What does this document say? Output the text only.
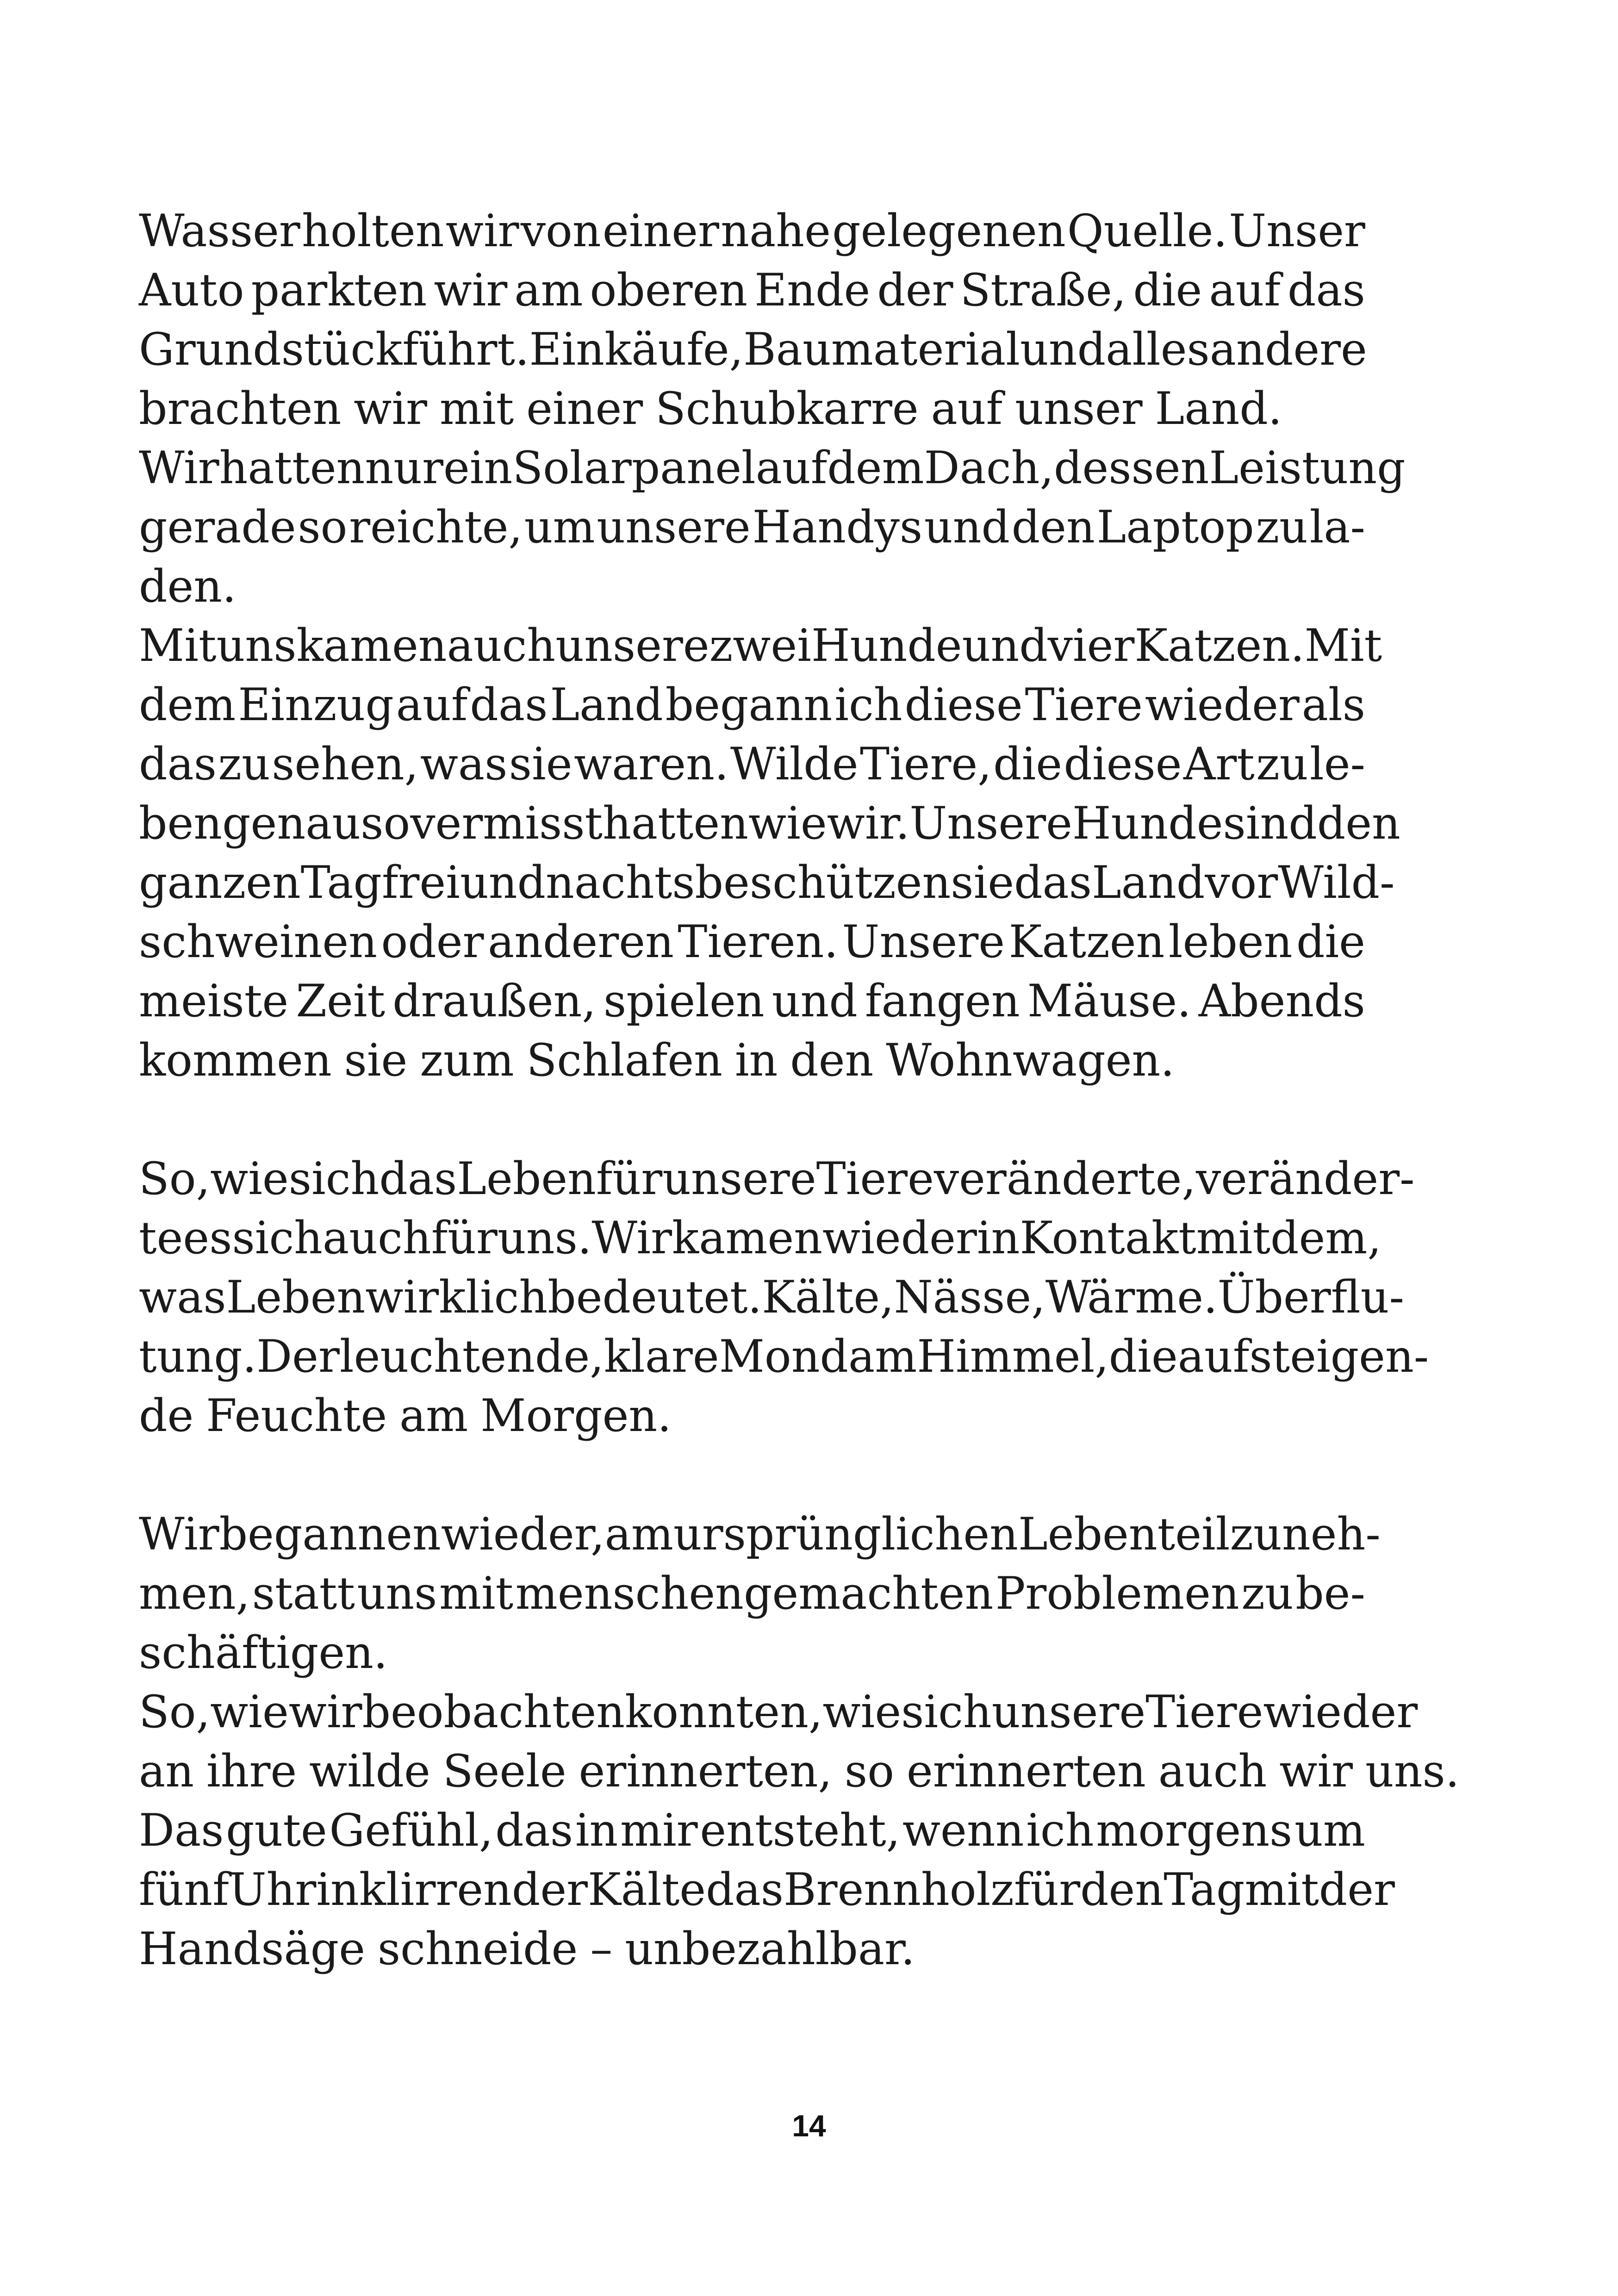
Wasser holten wir von einer nahe gelegenen Quelle. Unser
Auto parkten wir am oberen Ende der Straße, die auf das
Grundstück führt. Einkäufe, Baumaterial und alles andere
brachten wir mit einer Schubkarre auf unser Land.
Wir hatten nur ein Solarpanel auf dem Dach, dessen Leistung
gerade so reichte, um unsere Handys und den Laptop zu la-
den.
Mit uns kamen auch unsere zwei Hunde und vier Katzen. Mit
dem Einzug auf das Land begann ich diese Tiere wieder als
das zu sehen, was sie waren. Wilde Tiere, die diese Art zu le-
ben genauso vermisst hatten wie wir. Unsere Hunde sind den
ganzen Tag frei und nachts beschützen sie das Land vor Wild-
schweinen oder anderen Tieren. Unsere Katzen leben die
meiste Zeit draußen, spielen und fangen Mäuse. Abends
kommen sie zum Schlafen in den Wohnwagen.
So, wie sich das Leben für unsere Tiere veränderte, veränder-
te es sich auch für uns. Wir kamen wieder in Kontakt mit dem,
was Leben wirklich bedeutet. Kälte, Nässe, Wärme. Überflu-
tung. Der leuchtende, klare Mond am Himmel, die aufsteigen-
de Feuchte am Morgen.
Wir begannen wieder, am ursprünglichen Leben teilzuneh-
men, statt uns mit menschengemachten Problemen zu be-
schäftigen.
So, wie wir beobachten konnten, wie sich unsere Tiere wieder
an ihre wilde Seele erinnerten, so erinnerten auch wir uns.
Das gute Gefühl, das in mir entsteht, wenn ich morgens um
fünf Uhr in klirrender Kälte das Brennholz für den Tag mit der
Handsäge schneide – unbezahlbar.
14
